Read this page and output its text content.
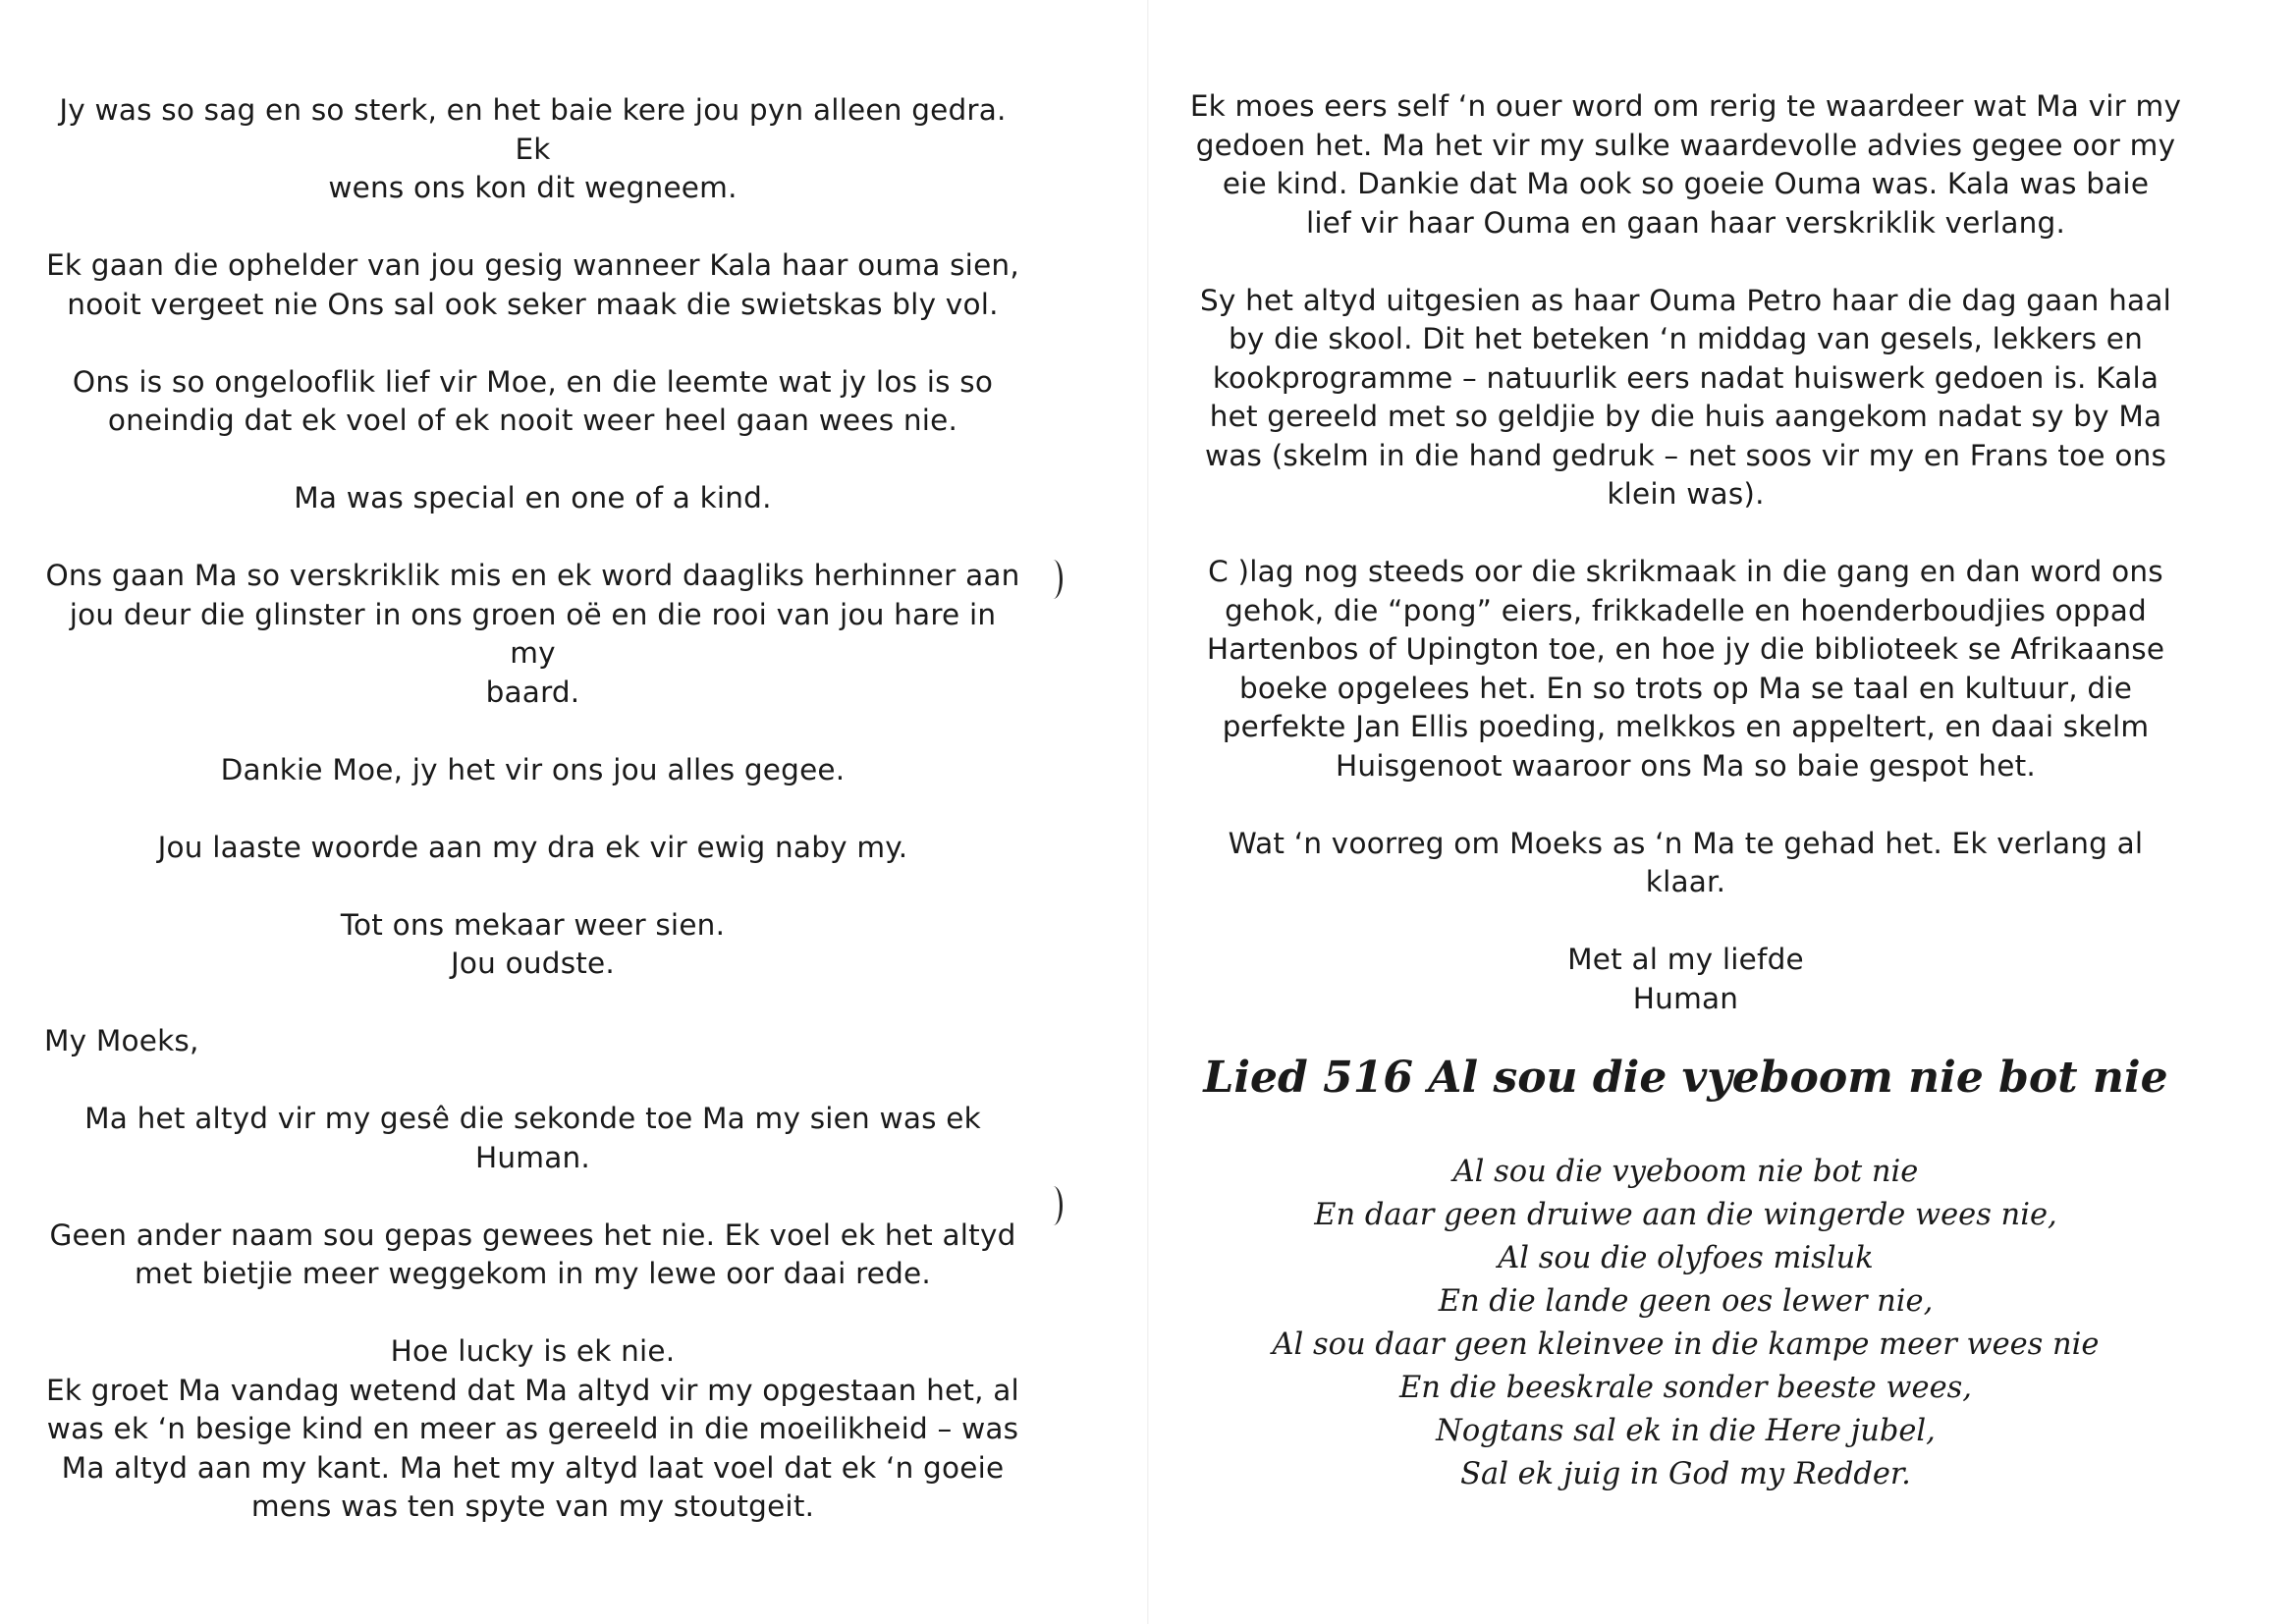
Jy was so sag en so sterk, en het baie kere jou pyn alleen gedra. Ek
wens ons kon dit wegneem.

Ek gaan die ophelder van jou gesig wanneer Kala haar ouma sien,
nooit vergeet nie Ons sal ook seker maak die swietskas bly vol.

Ons is so ongelooflik lief vir Moe, en die leemte wat jy los is so
oneindig dat ek voel of ek nooit weer heel gaan wees nie.

Ma was special en one of a kind.

Ons gaan Ma so verskriklik mis en ek word daagliks herhinner aan
jou deur die glinster in ons groen oë en die rooi van jou hare in my
baard.

Dankie Moe, jy het vir ons jou alles gegee.

Jou laaste woorde aan my dra ek vir ewig naby my.

Tot ons mekaar weer sien.
Jou oudste.

My Moeks,

Ma het altyd vir my gesê die sekonde toe Ma my sien was ek
Human.

Geen ander naam sou gepas gewees het nie. Ek voel ek het altyd
met bietjie meer weggekom in my lewe oor daai rede.

Hoe lucky is ek nie.

Ek groet Ma vandag wetend dat Ma altyd vir my opgestaan het, al
was ek ‘n besige kind en meer as gereeld in die moeilikheid – was
Ma altyd aan my kant. Ma het my altyd laat voel dat ek ‘n goeie
mens was ten spyte van my stoutgeit.

Ek moes eers self ‘n ouer word om rerig te waardeer wat Ma vir my
gedoen het. Ma het vir my sulke waardevolle advies gegee oor my
eie kind. Dankie dat Ma ook so goeie Ouma was. Kala was baie
lief vir haar Ouma en gaan haar verskriklik verlang.

Sy het altyd uitgesien as haar Ouma Petro haar die dag gaan haal
by die skool. Dit het beteken ‘n middag van gesels, lekkers en
kookprogramme – natuurlik eers nadat huiswerk gedoen is. Kala
het gereeld met so geldjie by die huis aangekom nadat sy by Ma
was (skelm in die hand gedruk – net soos vir my en Frans toe ons
klein was).

C )lag nog steeds oor die skrikmaak in die gang en dan word ons
gehok, die “pong” eiers, frikkadelle en hoenderboudjies oppad
Hartenbos of Upington toe, en hoe jy die biblioteek se Afrikaanse
boeke opgelees het. En so trots op Ma se taal en kultuur, die
perfekte Jan Ellis poeding, melkkos en appeltert, en daai skelm
Huisgenoot waaroor ons Ma so baie gespot het.

Wat ‘n voorreg om Moeks as ‘n Ma te gehad het. Ek verlang al
klaar.

Met al my liefde
Human

Lied 516 Al sou die vyeboom nie bot nie

Al sou die vyeboom nie bot nie

En daar geen druiwe aan die wingerde wees nie,

Al sou die olyfoes misluk

En die lande geen oes lewer nie,

Al sou daar geen kleinvee in die kampe meer wees nie

En die beeskrale sonder beeste wees,

Nogtans sal ek in die Here jubel,

Sal ek juig in God my Redder.
